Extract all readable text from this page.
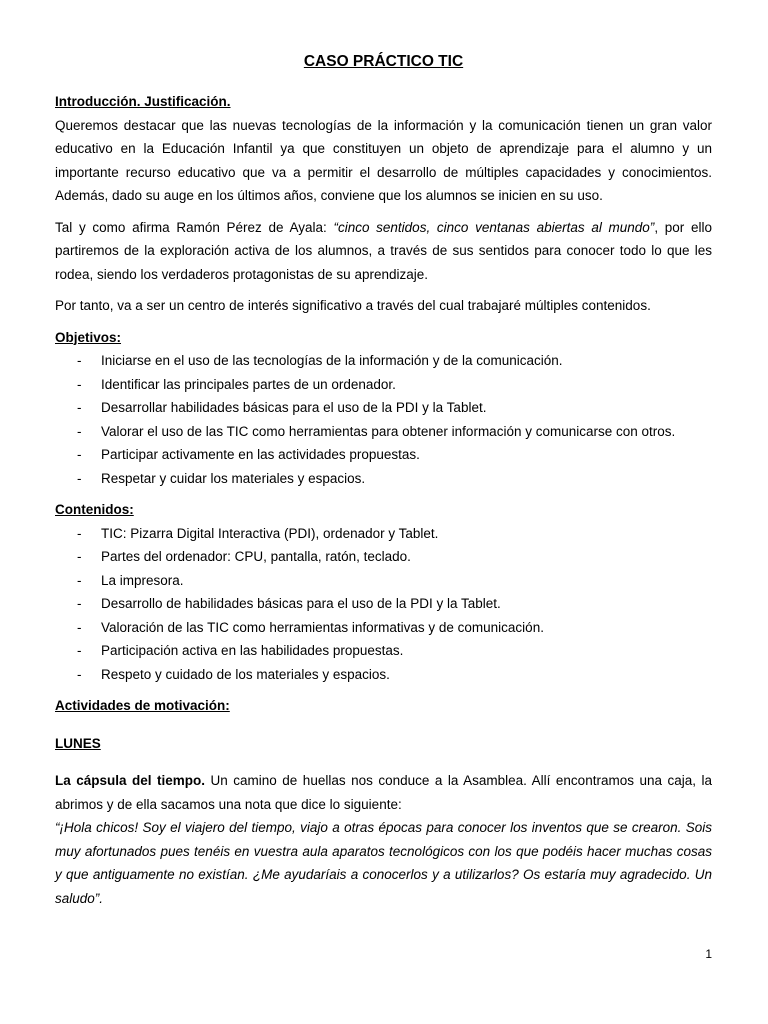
CASO PRÁCTICO TIC
Introducción. Justificación.

Queremos destacar que las nuevas tecnologías de la información y la comunicación tienen un gran valor educativo en la Educación Infantil ya que constituyen un objeto de aprendizaje para el alumno y un importante recurso educativo que va a permitir el desarrollo de múltiples capacidades y conocimientos. Además, dado su auge en los últimos años, conviene que los alumnos se inicien en su uso.

Tal y como afirma Ramón Pérez de Ayala: “cinco sentidos, cinco ventanas abiertas al mundo”, por ello partiremos de la exploración activa de los alumnos, a través de sus sentidos para conocer todo lo que les rodea, siendo los verdaderos protagonistas de su aprendizaje.

Por tanto, va a ser un centro de interés significativo a través del cual trabajaré múltiples contenidos.

Objetivos:
- Iniciarse en el uso de las tecnologías de la información y de la comunicación.
- Identificar las principales partes de un ordenador.
- Desarrollar habilidades básicas para el uso de la PDI y la Tablet.
- Valorar el uso de las TIC como herramientas para obtener información y comunicarse con otros.
- Participar activamente en las actividades propuestas.
- Respetar y cuidar los materiales y espacios.
Contenidos:
- TIC: Pizarra Digital Interactiva (PDI), ordenador y Tablet.
- Partes del ordenador: CPU, pantalla, ratón, teclado.
- La impresora.
- Desarrollo de habilidades básicas para el uso de la PDI y la Tablet.
- Valoración de las TIC como herramientas informativas y de comunicación.
- Participación activa en las habilidades propuestas.
- Respeto y cuidado de los materiales y espacios.
Actividades de motivación:
LUNES

La cápsula del tiempo. Un camino de huellas nos conduce a la Asamblea. Allí encontramos una caja, la abrimos y de ella sacamos una nota que dice lo siguiente:

“¡Hola chicos! Soy el viajero del tiempo, viajo a otras épocas para conocer los inventos que se crearon. Sois muy afortunados pues tenéis en vuestra aula aparatos tecnológicos con los que podéis hacer muchas cosas y que antiguamente no existían. ¿Me ayudaríais a conocerlos y a utilizarlos? Os estaría muy agradecido. Un saludo”.

1
